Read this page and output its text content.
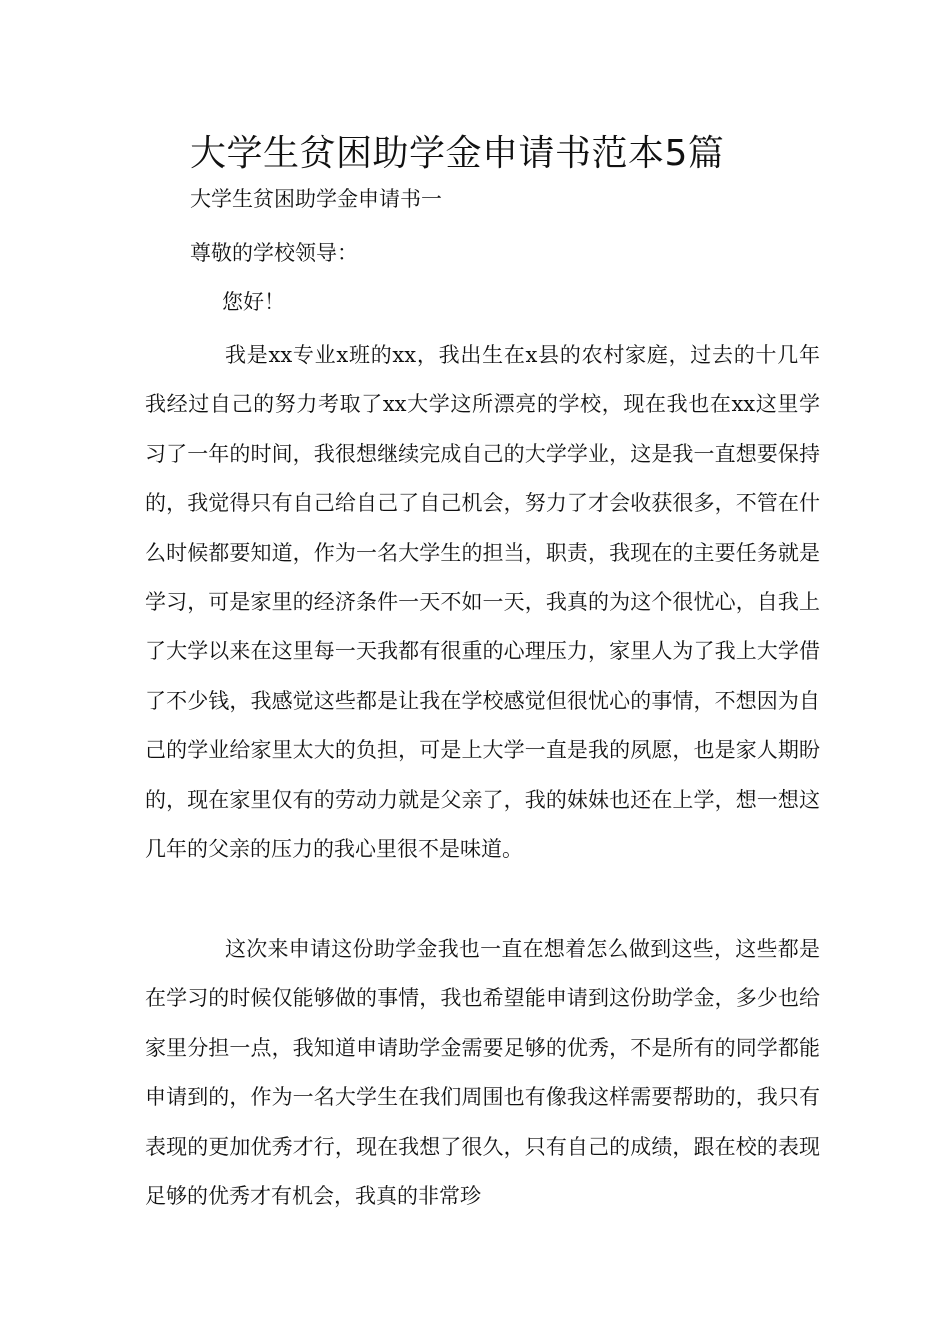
大学生贫困助学金申请书范本5篇

大学生贫困助学金申请书一

尊敬的学校领导：

您好！

我是xx专业x班的xx，我出生在x县的农村家庭，过去的十几年我经过自己的努力考取了xx大学这所漂亮的学校，现在我也在xx这里学习了一年的时间，我很想继续完成自己的大学学业，这是我一直想要保持的，我觉得只有自己给自己了自己机会，努力了才会收获很多，不管在什么时候都要知道，作为一名大学生的担当，职责，我现在的主要任务就是学习，可是家里的经济条件一天不如一天，我真的为这个很忧心，自我上了大学以来在这里每一天我都有很重的心理压力，家里人为了我上大学借了不少钱，我感觉这些都是让我在学校感觉但很忧心的事情，不想因为自己的学业给家里太大的负担，可是上大学一直是我的夙愿，也是家人期盼的，现在家里仅有的劳动力就是父亲了，我的妹妹也还在上学，想一想这几年的父亲的压力的我心里很不是味道。

这次来申请这份助学金我也一直在想着怎么做到这些，这些都是在学习的时候仅能够做的事情，我也希望能申请到这份助学金，多少也给家里分担一点，我知道申请助学金需要足够的优秀，不是所有的同学都能申请到的，作为一名大学生在我们周围也有像我这样需要帮助的，我只有表现的更加优秀才行，现在我想了很久，只有自己的成绩，跟在校的表现足够的优秀才有机会，我真的非常珍
